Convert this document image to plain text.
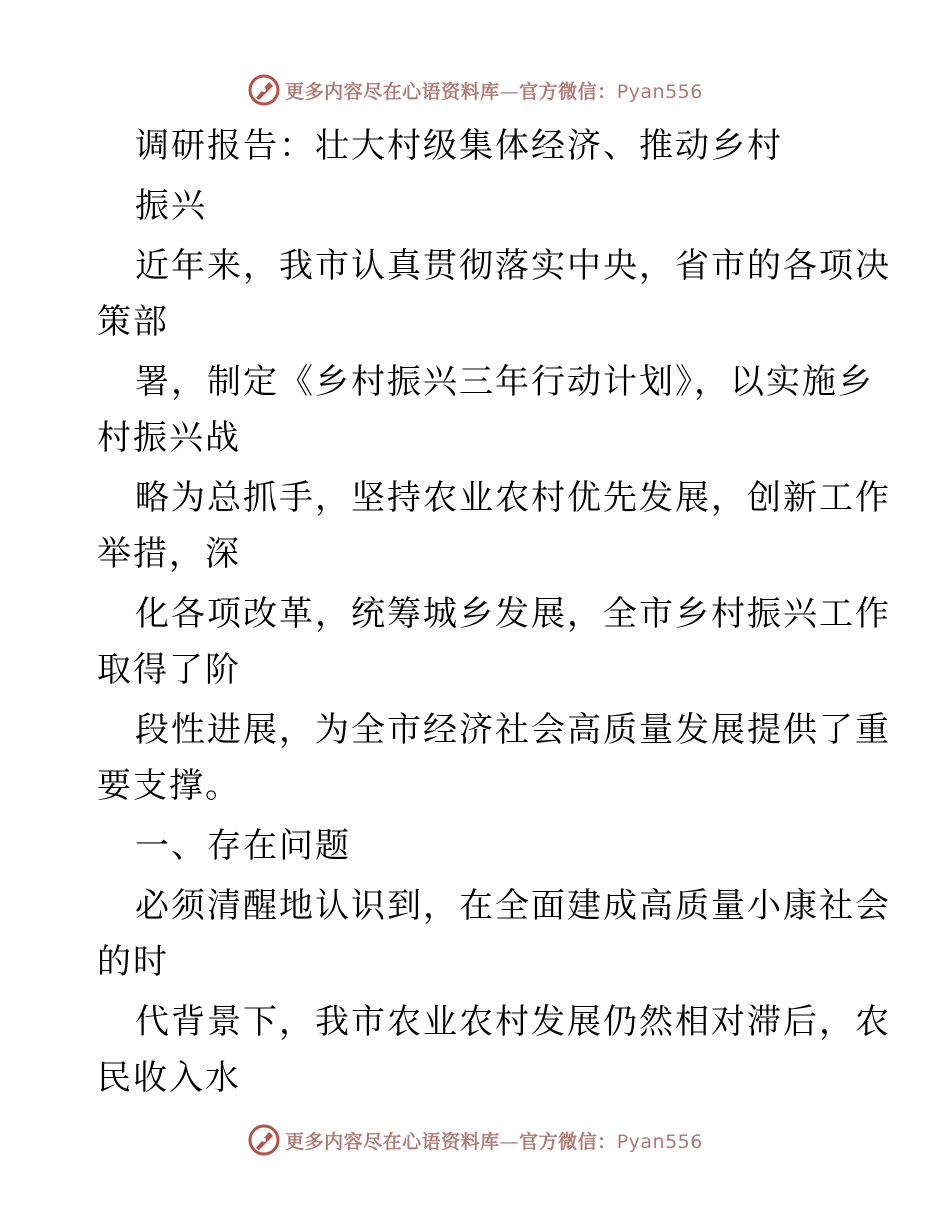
更多内容尽在心语资料库—官方微信：Pyan556
调研报告：壮大村级集体经济、推动乡村
振兴
近年来，我市认真贯彻落实中央，省市的各项决
策部
署，制定《乡村振兴三年行动计划》，以实施乡
村振兴战
略为总抓手，坚持农业农村优先发展，创新工作
举措，深
化各项改革，统筹城乡发展，全市乡村振兴工作
取得了阶
段性进展，为全市经济社会高质量发展提供了重
要支撑。
一、存在问题
必须清醒地认识到，在全面建成高质量小康社会
的时
代背景下，我市农业农村发展仍然相对滞后，农
民收入水
更多内容尽在心语资料库—官方微信：Pyan556
